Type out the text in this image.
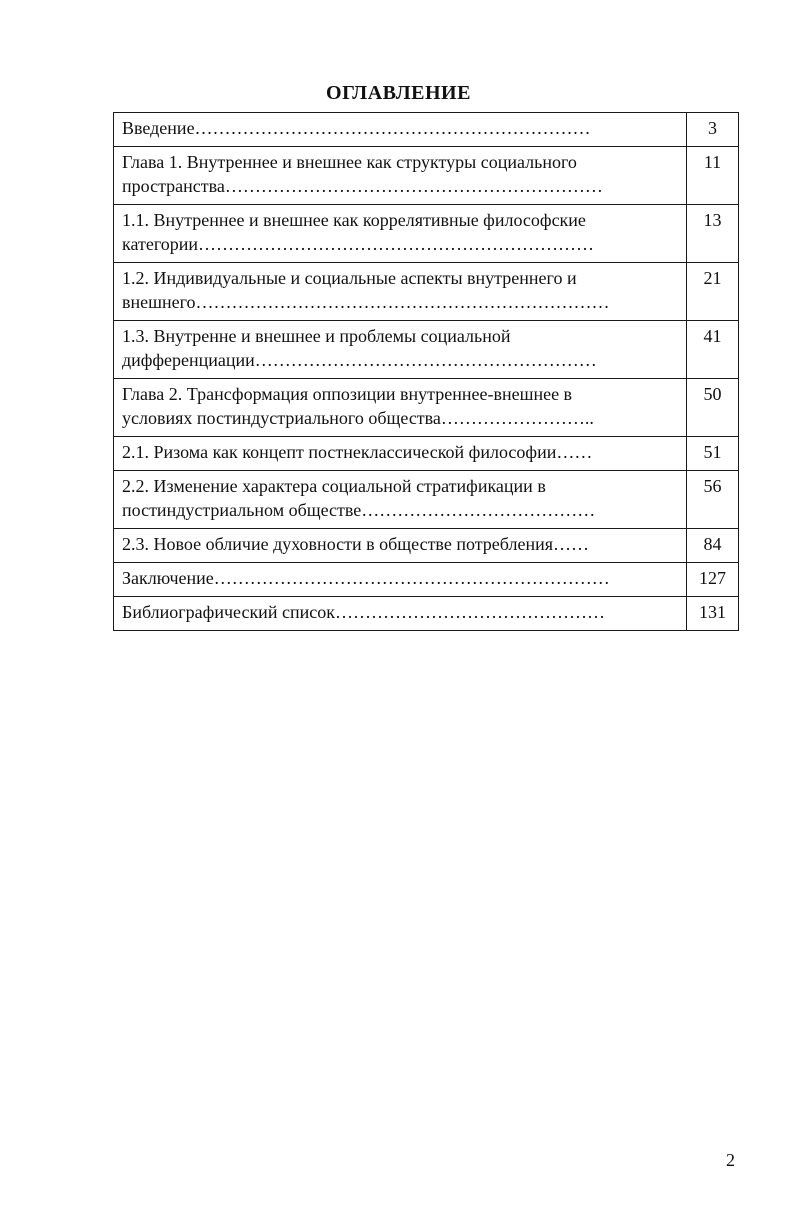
ОГЛАВЛЕНИЕ
Введение…………………………………………………………	3
Глава 1. Внутреннее и внешнее как структуры социального
пространства………………………………………………………	11
1.1. Внутреннее и внешнее как коррелятивные философские
категории…………………………………………………………	13
1.2. Индивидуальные и социальные аспекты внутреннего и
внешнего……………………………………………………………	21
1.3. Внутренне и внешнее и проблемы социальной
дифференциации…………………………………………………	41
Глава 2. Трансформация оппозиции внутреннее-внешнее в
условиях постиндустриального общества……………………..	50
2.1. Ризома как концепт постнеклассической философии……	51
2.2. Изменение характера социальной стратификации в
постиндустриальном обществе…………………………………	56
2.3. Новое обличие духовности в обществе потребления……	84
Заключение…………………………………………………………	127
Библиографический список………………………………………	131
2
